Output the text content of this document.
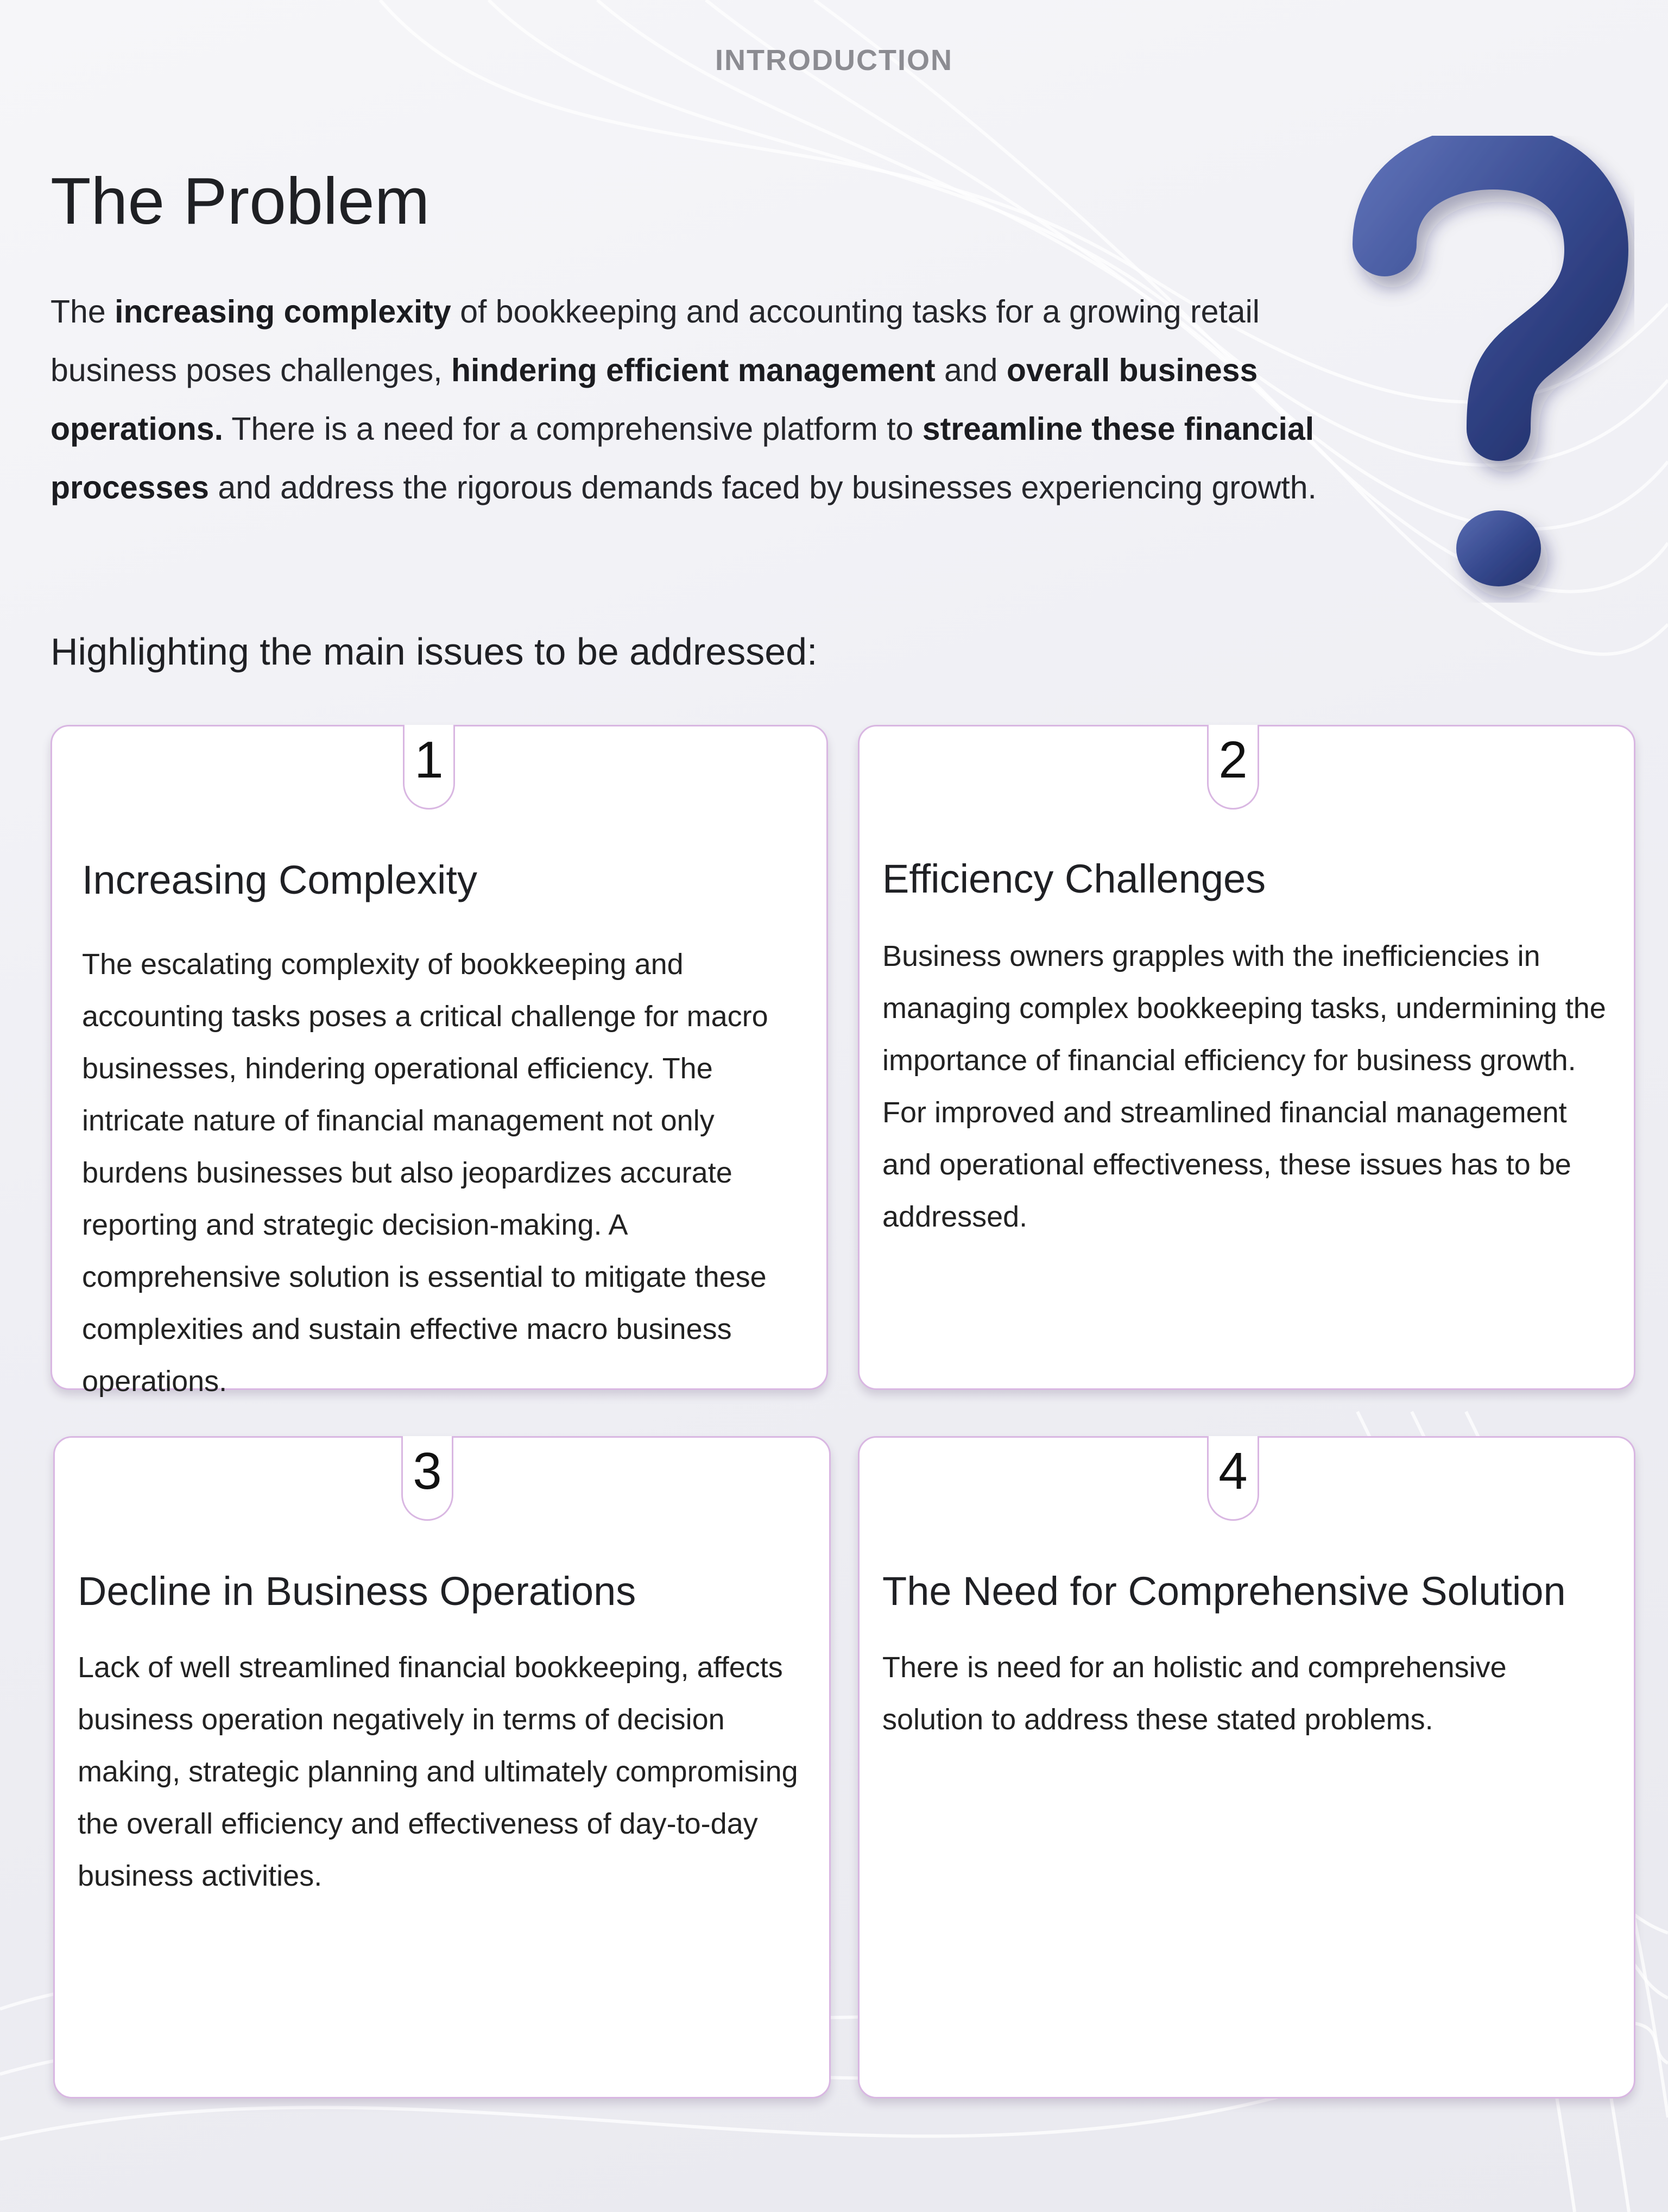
INTRODUCTION
The Problem

The increasing complexity of bookkeeping and accounting tasks for a growing retail business poses challenges, hindering efficient management and overall business operations. There is a need for a comprehensive platform to streamline these financial processes and address the rigorous demands faced by businesses experiencing growth.

Highlighting the main issues to be addressed:
1
Increasing Complexity

The escalating complexity of bookkeeping and accounting tasks poses a critical challenge for macro businesses, hindering operational efficiency. The intricate nature of financial management not only burdens businesses but also jeopardizes accurate reporting and strategic decision-making. A comprehensive solution is essential to mitigate these complexities and sustain effective macro business operations.

2
Efficiency Challenges

Business owners grapples with the inefficiencies in managing complex bookkeeping tasks, undermining the importance of financial efficiency for business growth. For improved and streamlined financial management and operational effectiveness, these issues has to be addressed.

3
Decline in Business Operations

Lack of well streamlined financial bookkeeping, affects business operation negatively in terms of decision making, strategic planning and ultimately compromising the overall efficiency and effectiveness of day-to-day business activities.

4
The Need for Comprehensive Solution

There is need for an holistic and comprehensive solution to address these stated problems.
